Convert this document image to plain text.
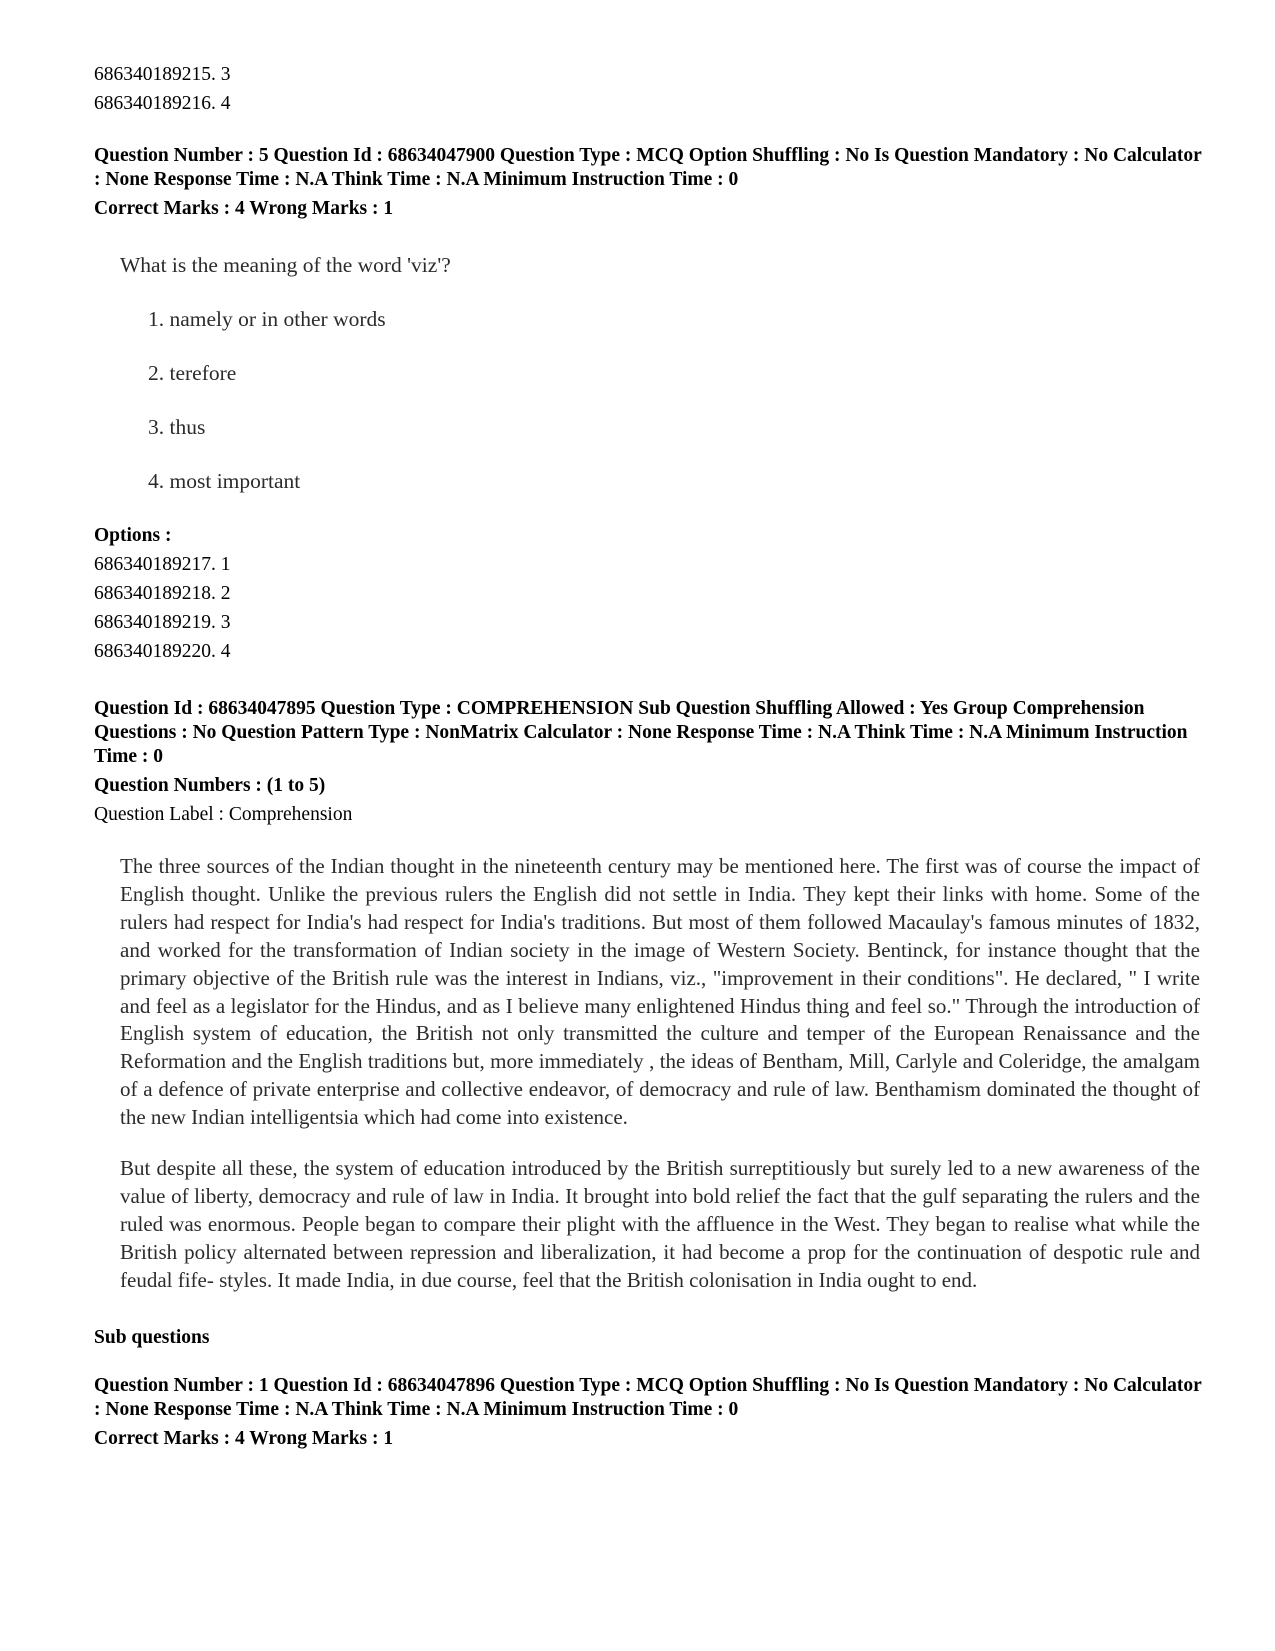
686340189215. 3
686340189216. 4
Question Number : 5 Question Id : 68634047900 Question Type : MCQ Option Shuffling : No Is Question Mandatory : No Calculator : None Response Time : N.A Think Time : N.A Minimum Instruction Time : 0
Correct Marks : 4 Wrong Marks : 1
What is the meaning of the word 'viz'?
1. namely or in other words
2. terefore
3. thus
4. most important
Options :
686340189217. 1
686340189218. 2
686340189219. 3
686340189220. 4
Question Id : 68634047895 Question Type : COMPREHENSION Sub Question Shuffling Allowed : Yes Group Comprehension Questions : No Question Pattern Type : NonMatrix Calculator : None Response Time : N.A Think Time : N.A Minimum Instruction Time : 0
Question Numbers : (1 to 5)
Question Label : Comprehension
The three sources of the Indian thought in the nineteenth century may be mentioned here. The first was of course the impact of English thought. Unlike the previous rulers the English did not settle in India. They kept their links with home. Some of the rulers had respect for India's had respect for India's traditions. But most of them followed Macaulay's famous minutes of 1832, and worked for the transformation of Indian society in the image of Western Society. Bentinck, for instance thought that the primary objective of the British rule was the interest in Indians, viz., "improvement in their conditions". He declared, " I write and feel as a legislator for the Hindus, and as I believe many enlightened Hindus thing and feel so." Through the introduction of English system of education, the British not only transmitted the culture and temper of the European Renaissance and the Reformation and the English traditions but, more immediately , the ideas of Bentham, Mill, Carlyle and Coleridge, the amalgam of a defence of private enterprise and collective endeavor, of democracy and rule of law. Benthamism dominated the thought of the new Indian intelligentsia which had come into existence.
But despite all these, the system of education introduced by the British surreptitiously but surely led to a new awareness of the value of liberty, democracy and rule of law in India. It brought into bold relief the fact that the gulf separating the rulers and the ruled was enormous. People began to compare their plight with the affluence in the West. They began to realise what while the British policy alternated between repression and liberalization, it had become a prop for the continuation of despotic rule and feudal fife- styles. It made India, in due course, feel that the British colonisation in India ought to end.
Sub questions
Question Number : 1 Question Id : 68634047896 Question Type : MCQ Option Shuffling : No Is Question Mandatory : No Calculator : None Response Time : N.A Think Time : N.A Minimum Instruction Time : 0
Correct Marks : 4 Wrong Marks : 1
